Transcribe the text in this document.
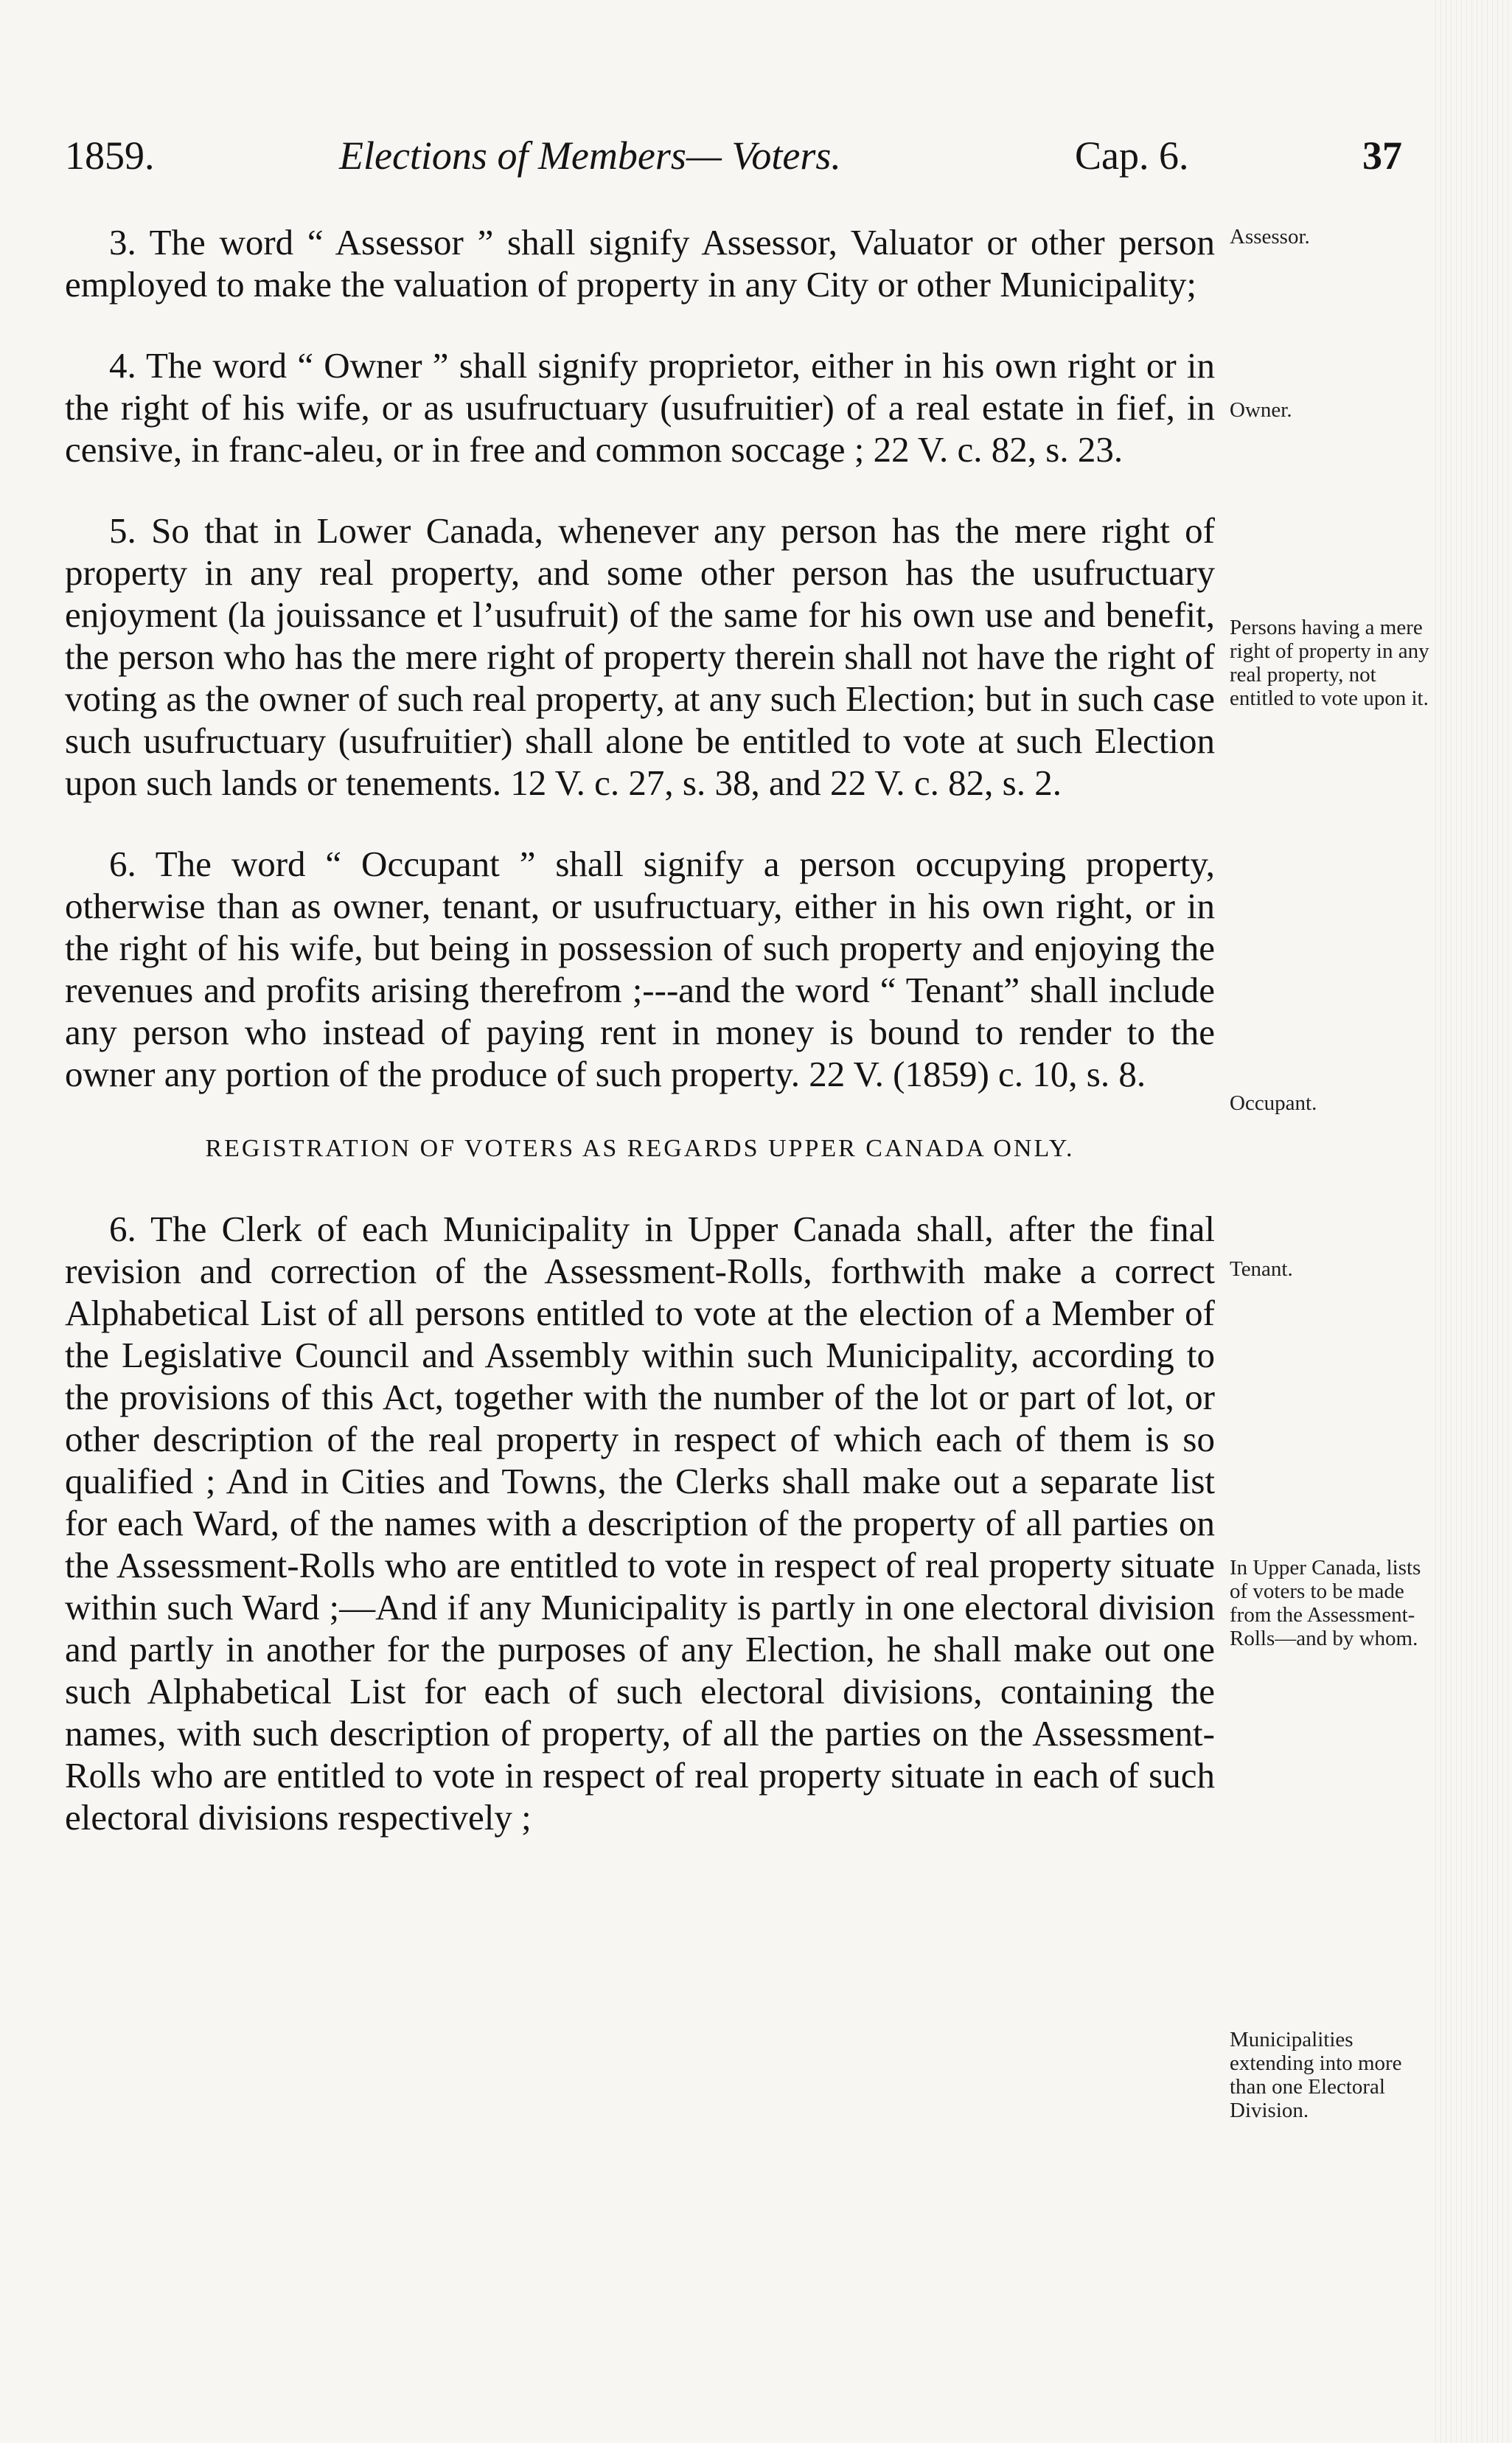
1859.	Elections of Members— Voters.	Cap. 6.	37

3. The word “ Assessor ” shall signify Assessor, Valuator or other person employed to make the valuation of property in any City or other Municipality;

4. The word “ Owner ” shall signify proprietor, either in his own right or in the right of his wife, or as usufructuary (usufruitier) of a real estate in fief, in censive, in franc-aleu, or in free and common soccage ; 22 V. c. 82, s. 23.

5. So that in Lower Canada, whenever any person has the mere right of property in any real property, and some other person has the usufructuary enjoyment (la jouissance et l’usufruit) of the same for his own use and benefit, the person who has the mere right of property therein shall not have the right of voting as the owner of such real property, at any such Election; but in such case such usufructuary (usufruitier) shall alone be entitled to vote at such Election upon such lands or tenements. 12 V. c. 27, s. 38, and 22 V. c. 82, s. 2.

6. The word “ Occupant ” shall signify a person occupying property, otherwise than as owner, tenant, or usufructuary, either in his own right, or in the right of his wife, but being in possession of such property and enjoying the revenues and profits arising therefrom ;---and the word “ Tenant” shall include any person who instead of paying rent in money is bound to render to the owner any portion of the produce of such property. 22 V. (1859) c. 10, s. 8.

REGISTRATION OF VOTERS AS REGARDS UPPER CANADA ONLY.

6. The Clerk of each Municipality in Upper Canada shall, after the final revision and correction of the Assessment-Rolls, forthwith make a correct Alphabetical List of all persons entitled to vote at the election of a Member of the Legislative Council and Assembly within such Municipality, according to the provisions of this Act, together with the number of the lot or part of lot, or other description of the real property in respect of which each of them is so qualified ; And in Cities and Towns, the Clerks shall make out a separate list for each Ward, of the names with a description of the property of all parties on the Assessment-Rolls who are entitled to vote in respect of real property situate within such Ward ;—And if any Municipality is partly in one electoral division and partly in another for the purposes of any Election, he shall make out one such Alphabetical List for each of such electoral divisions, containing the names, with such description of property, of all the parties on the Assessment-Rolls who are entitled to vote in respect of real property situate in each of such electoral divisions respectively ;

Assessor.
Owner.
Persons having a mere right of property in any real property, not entitled to vote upon it.
Occupant.
Tenant.
In Upper Canada, lists of voters to be made from the Assessment-Rolls—and by whom.
Municipalities extending into more than one Electoral Division.
